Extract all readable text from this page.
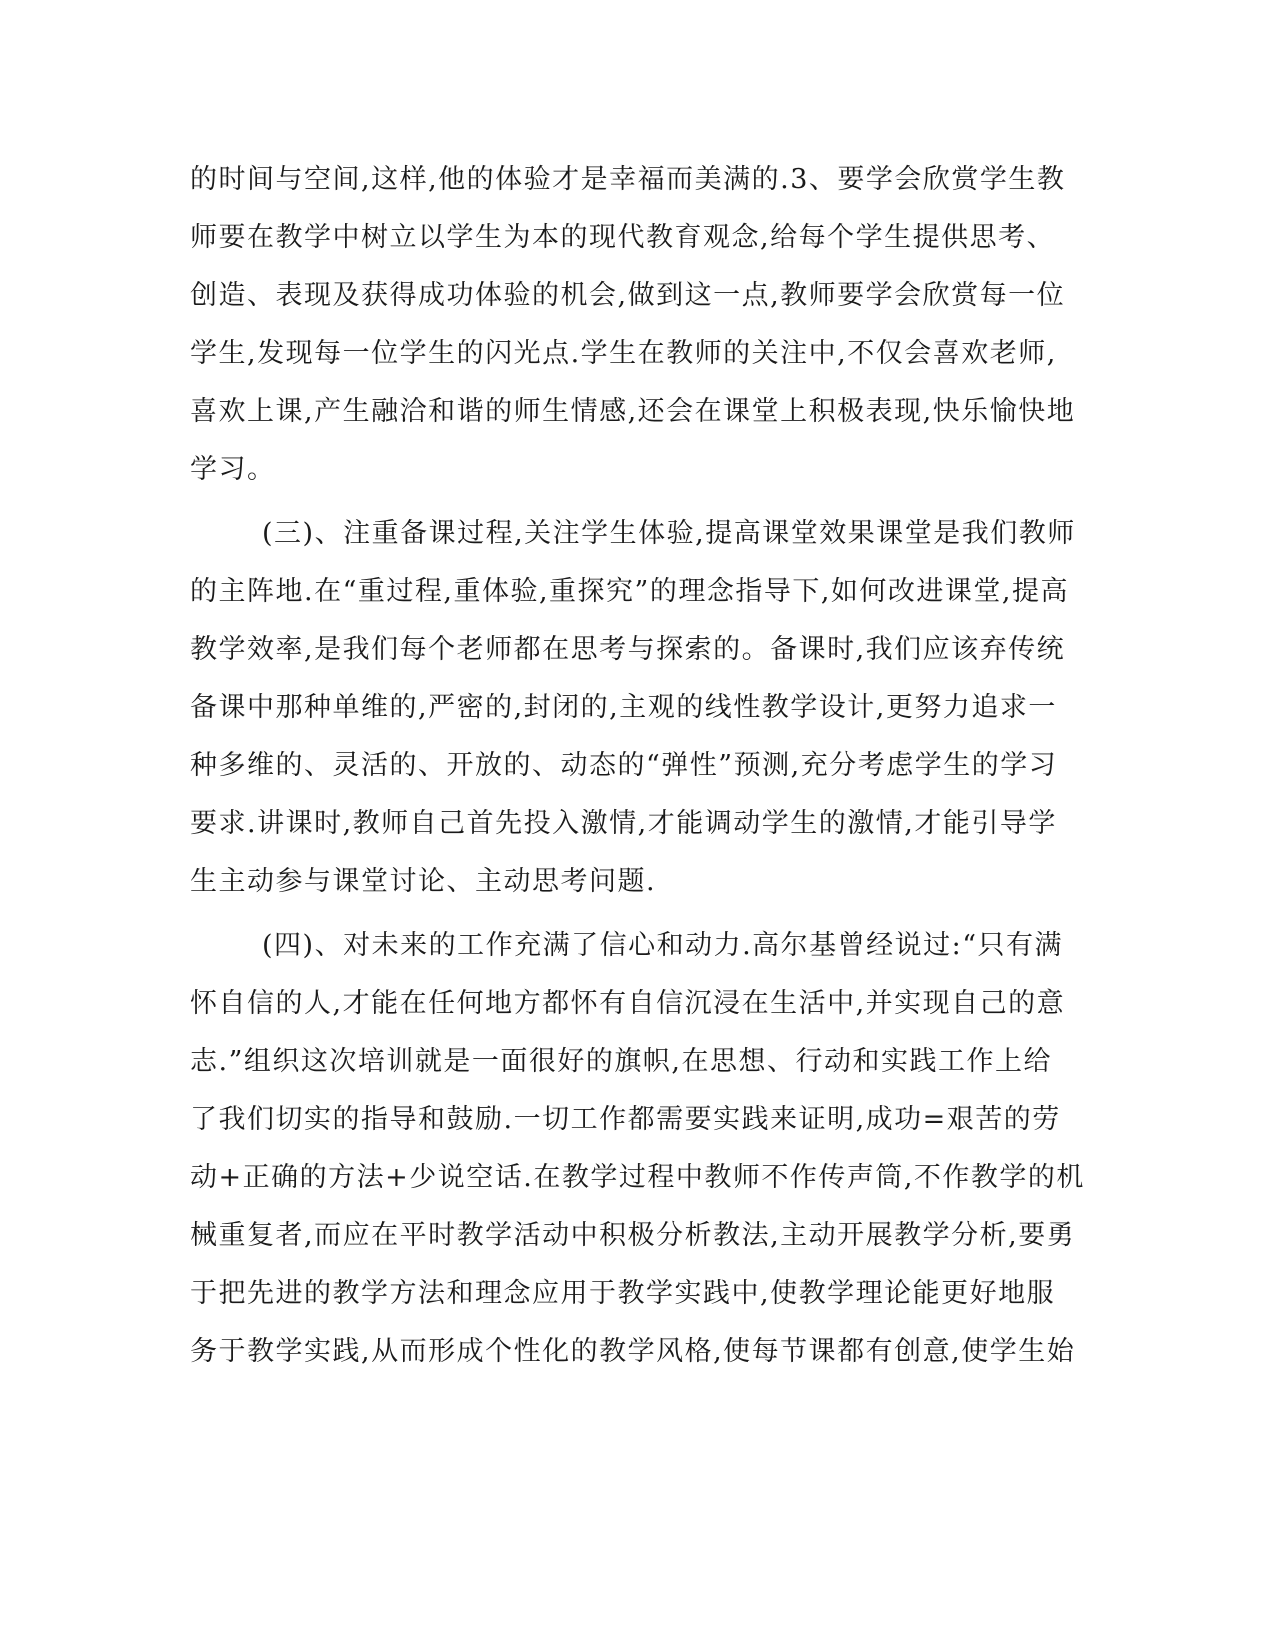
的时间与空间,这样,他的体验才是幸福而美满的.3、要学会欣赏学生教
师要在教学中树立以学生为本的现代教育观念,给每个学生提供思考、
创造、表现及获得成功体验的机会,做到这一点,教师要学会欣赏每一位
学生,发现每一位学生的闪光点.学生在教师的关注中,不仅会喜欢老师,
喜欢上课,产生融洽和谐的师生情感,还会在课堂上积极表现,快乐愉快地
学习。
(三)、注重备课过程,关注学生体验,提高课堂效果课堂是我们教师
的主阵地.在“重过程,重体验,重探究”的理念指导下,如何改进课堂,提高
教学效率,是我们每个老师都在思考与探索的。备课时,我们应该弃传统
备课中那种单维的,严密的,封闭的,主观的线性教学设计,更努力追求一
种多维的、灵活的、开放的、动态的“弹性”预测,充分考虑学生的学习
要求.讲课时,教师自己首先投入激情,才能调动学生的激情,才能引导学
生主动参与课堂讨论、主动思考问题.
(四)、对未来的工作充满了信心和动力.高尔基曾经说过:“只有满
怀自信的人,才能在任何地方都怀有自信沉浸在生活中,并实现自己的意
志.”组织这次培训就是一面很好的旗帜,在思想、行动和实践工作上给
了我们切实的指导和鼓励.一切工作都需要实践来证明,成功=艰苦的劳
动+正确的方法+少说空话.在教学过程中教师不作传声筒,不作教学的机
械重复者,而应在平时教学活动中积极分析教法,主动开展教学分析,要勇
于把先进的教学方法和理念应用于教学实践中,使教学理论能更好地服
务于教学实践,从而形成个性化的教学风格,使每节课都有创意,使学生始
